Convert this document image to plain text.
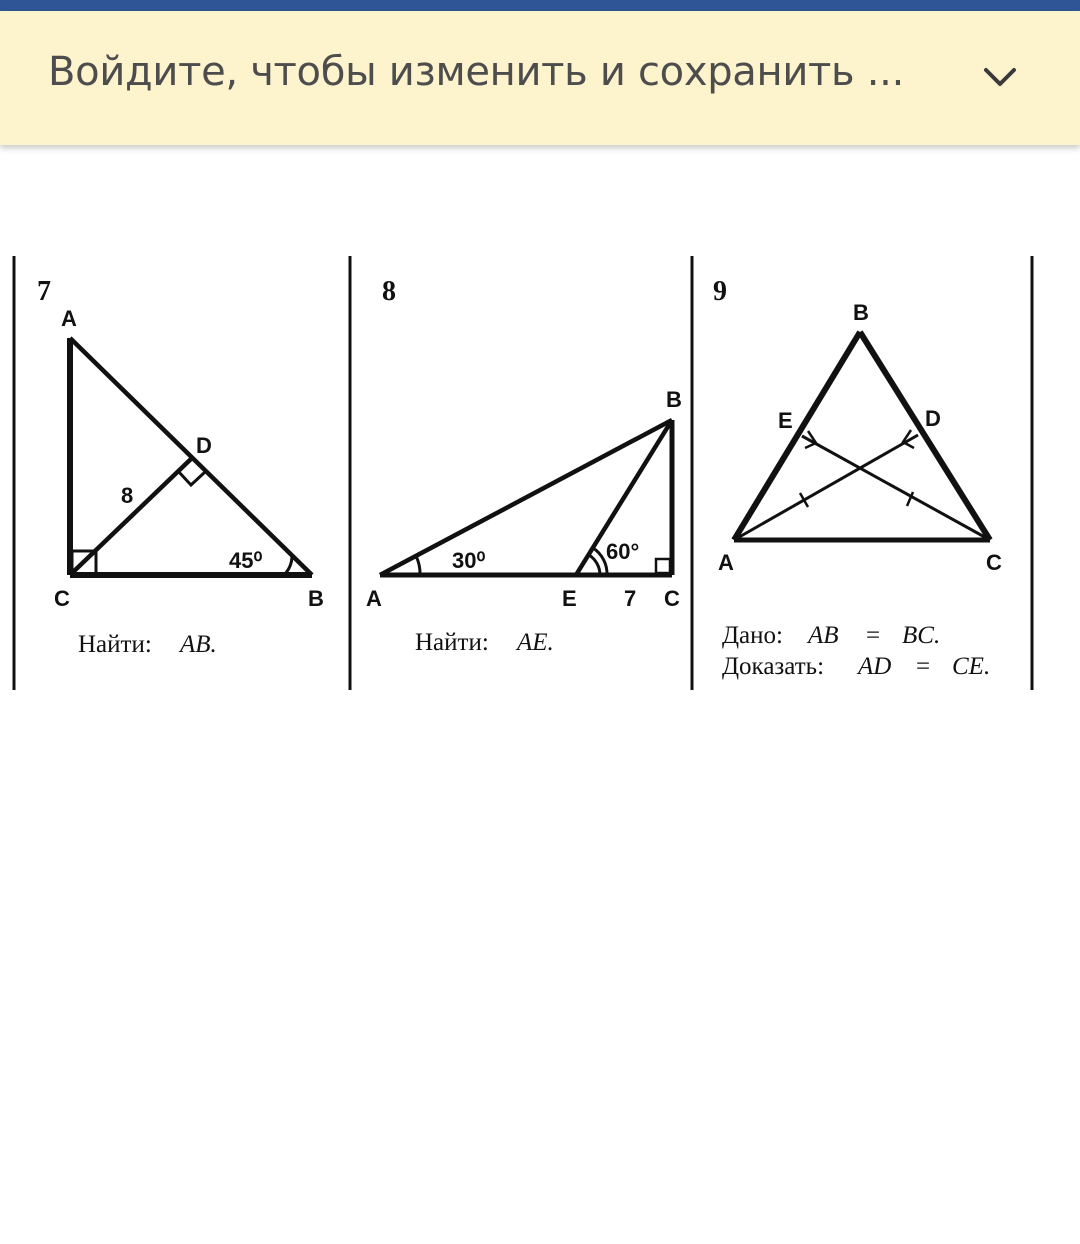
Войдите, чтобы изменить и сохранить ...
7
A
D
C	B
8
45⁰
Найти: AB.
8
A
B
E	C
7
30⁰	60°
Найти: AE.
9
B
E	D
A	C
Дано: AB = BC.
Доказать: AD = CE.
